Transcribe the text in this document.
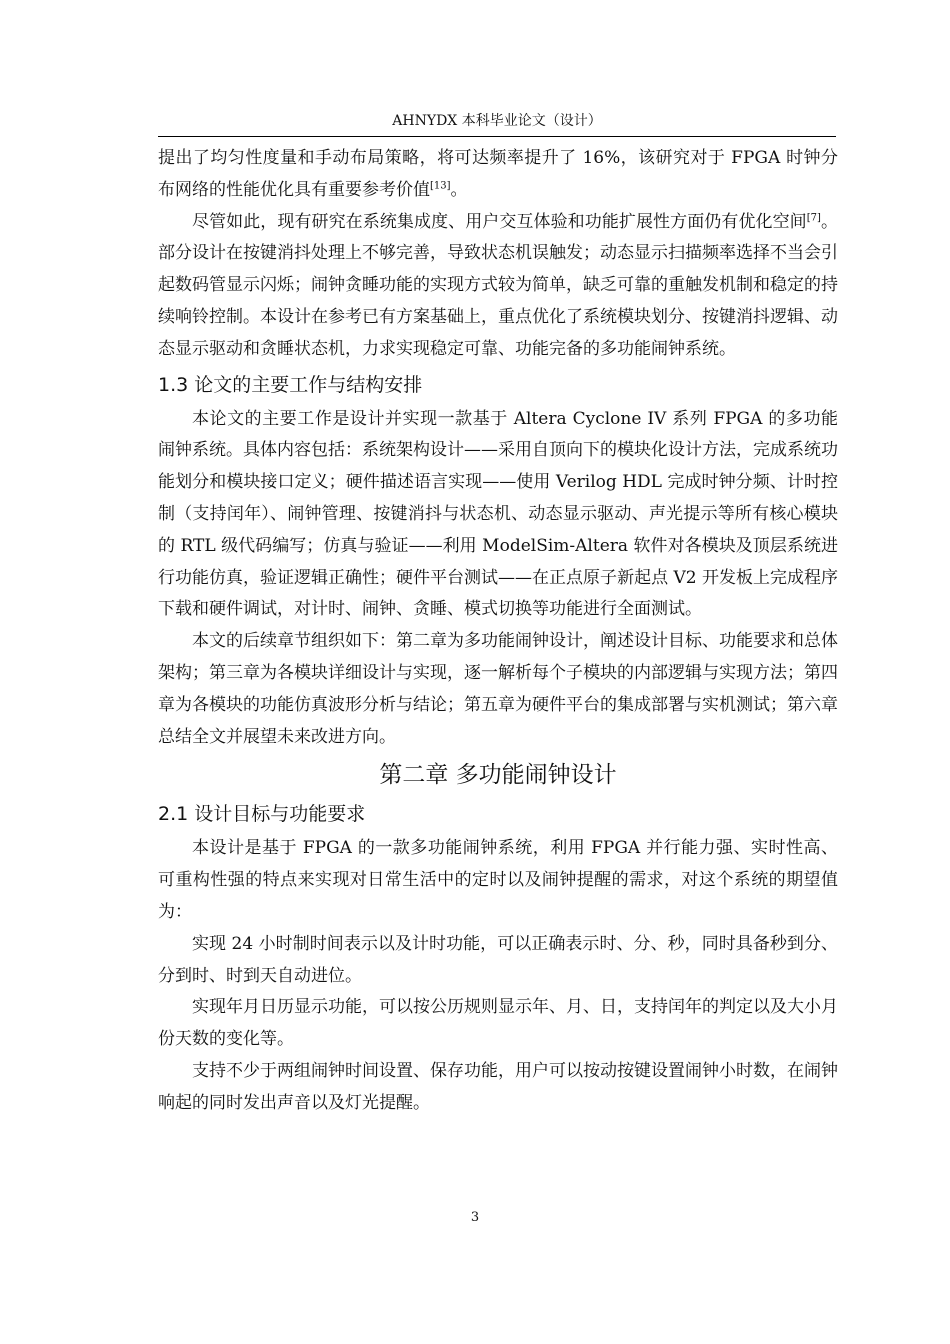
AHNYDX 本科毕业论文（设计）

提出了均匀性度量和手动布局策略，将可达频率提升了 16%，该研究对于 FPGA 时钟分布网络的性能优化具有重要参考价值[13]。

尽管如此，现有研究在系统集成度、用户交互体验和功能扩展性方面仍有优化空间[7]。部分设计在按键消抖处理上不够完善，导致状态机误触发；动态显示扫描频率选择不当会引起数码管显示闪烁；闹钟贪睡功能的实现方式较为简单，缺乏可靠的重触发机制和稳定的持续响铃控制。本设计在参考已有方案基础上，重点优化了系统模块划分、按键消抖逻辑、动态显示驱动和贪睡状态机，力求实现稳定可靠、功能完备的多功能闹钟系统。

1.3 论文的主要工作与结构安排

本论文的主要工作是设计并实现一款基于 Altera Cyclone IV 系列 FPGA 的多功能闹钟系统。具体内容包括：系统架构设计——采用自顶向下的模块化设计方法，完成系统功能划分和模块接口定义；硬件描述语言实现——使用 Verilog HDL 完成时钟分频、计时控制（支持闰年）、闹钟管理、按键消抖与状态机、动态显示驱动、声光提示等所有核心模块的 RTL 级代码编写；仿真与验证——利用 ModelSim-Altera 软件对各模块及顶层系统进行功能仿真，验证逻辑正确性；硬件平台测试——在正点原子新起点 V2 开发板上完成程序下载和硬件调试，对计时、闹钟、贪睡、模式切换等功能进行全面测试。

本文的后续章节组织如下：第二章为多功能闹钟设计，阐述设计目标、功能要求和总体架构；第三章为各模块详细设计与实现，逐一解析每个子模块的内部逻辑与实现方法；第四章为各模块的功能仿真波形分析与结论；第五章为硬件平台的集成部署与实机测试；第六章总结全文并展望未来改进方向。

第二章 多功能闹钟设计
2.1 设计目标与功能要求

本设计是基于 FPGA 的一款多功能闹钟系统，利用 FPGA 并行能力强、实时性高、可重构性强的特点来实现对日常生活中的定时以及闹钟提醒的需求，对这个系统的期望值为：

实现 24 小时制时间表示以及计时功能，可以正确表示时、分、秒，同时具备秒到分、分到时、时到天自动进位。

实现年月日历显示功能，可以按公历规则显示年、月、日，支持闰年的判定以及大小月份天数的变化等。

支持不少于两组闹钟时间设置、保存功能，用户可以按动按键设置闹钟小时数，在闹钟响起的同时发出声音以及灯光提醒。

3
